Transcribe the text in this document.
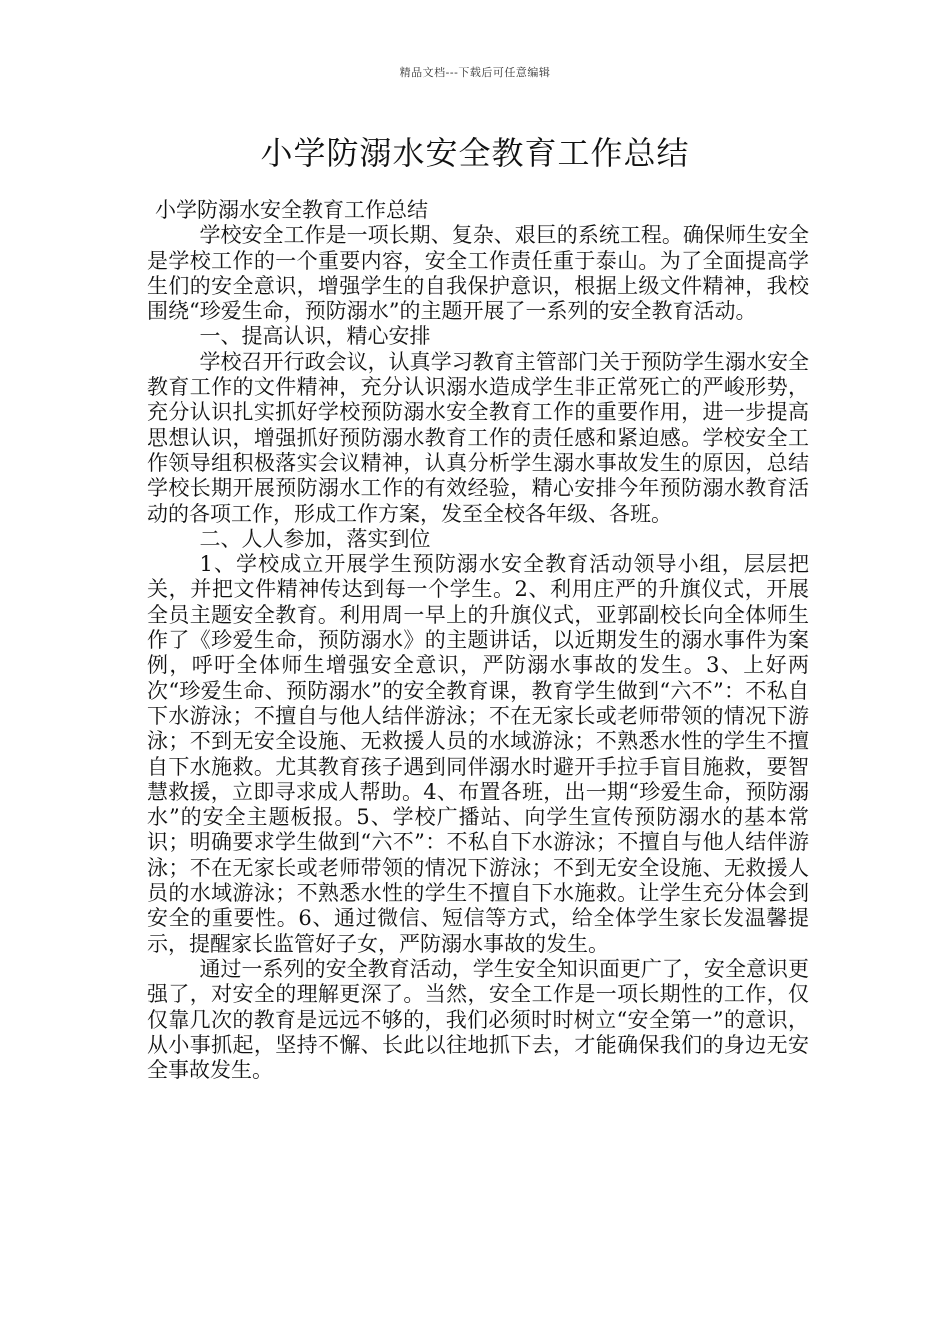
精品文档---下载后可任意编辑
小学防溺水安全教育工作总结

小学防溺水安全教育工作总结

学校安全工作是一项长期、复杂、艰巨的系统工程。确保师生安全是学校工作的一个重要内容，安全工作责任重于泰山。为了全面提高学生们的安全意识，增强学生的自我保护意识，根据上级文件精神，我校围绕“珍爱生命，预防溺水”的主题开展了一系列的安全教育活动。

一、提高认识，精心安排

学校召开行政会议，认真学习教育主管部门关于预防学生溺水安全教育工作的文件精神，充分认识溺水造成学生非正常死亡的严峻形势，充分认识扎实抓好学校预防溺水安全教育工作的重要作用，进一步提高思想认识，增强抓好预防溺水教育工作的责任感和紧迫感。学校安全工作领导组积极落实会议精神，认真分析学生溺水事故发生的原因，总结学校长期开展预防溺水工作的有效经验，精心安排今年预防溺水教育活动的各项工作，形成工作方案，发至全校各年级、各班。

二、人人参加，落实到位

1、学校成立开展学生预防溺水安全教育活动领导小组，层层把关，并把文件精神传达到每一个学生。2、利用庄严的升旗仪式，开展全员主题安全教育。利用周一早上的升旗仪式，亚郭副校长向全体师生作了《珍爱生命，预防溺水》的主题讲话，以近期发生的溺水事件为案例，呼吁全体师生增强安全意识，严防溺水事故的发生。3、上好两次“珍爱生命、预防溺水”的安全教育课，教育学生做到“六不”：不私自下水游泳；不擅自与他人结伴游泳；不在无家长或老师带领的情况下游泳；不到无安全设施、无救援人员的水域游泳；不熟悉水性的学生不擅自下水施救。尤其教育孩子遇到同伴溺水时避开手拉手盲目施救，要智慧救援，立即寻求成人帮助。4、布置各班，出一期“珍爱生命，预防溺水”的安全主题板报。5、学校广播站、向学生宣传预防溺水的基本常识；明确要求学生做到“六不”：不私自下水游泳；不擅自与他人结伴游泳；不在无家长或老师带领的情况下游泳；不到无安全设施、无救援人员的水域游泳；不熟悉水性的学生不擅自下水施救。让学生充分体会到安全的重要性。6、通过微信、短信等方式，给全体学生家长发温馨提示，提醒家长监管好子女，严防溺水事故的发生。

通过一系列的安全教育活动，学生安全知识面更广了，安全意识更强了，对安全的理解更深了。当然，安全工作是一项长期性的工作，仅仅靠几次的教育是远远不够的，我们必须时时树立“安全第一”的意识，从小事抓起，坚持不懈、长此以往地抓下去，才能确保我们的身边无安全事故发生。
